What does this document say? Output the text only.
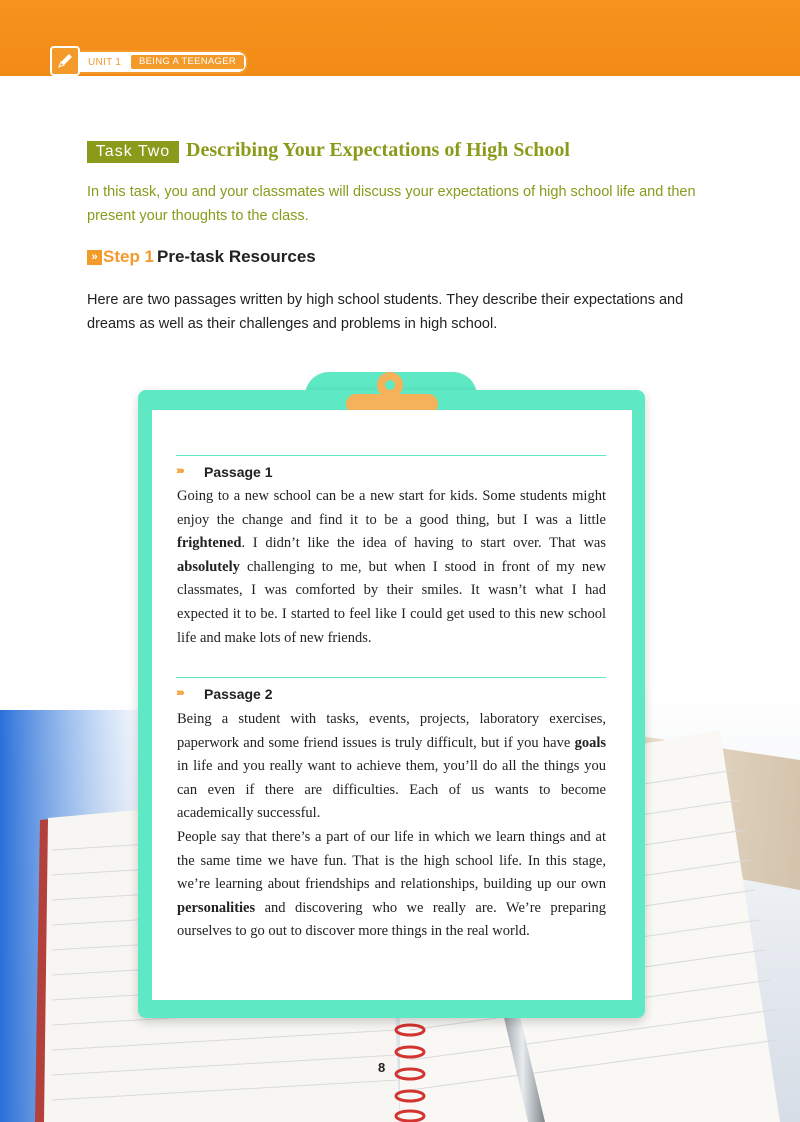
UNIT 1	BEING A TEENAGER
Task Two Describing Your Expectations of High School
In this task, you and your classmates will discuss your expectations of high school life and then present your thoughts to the class.
» Step 1 Pre-task Resources
Here are two passages written by high school students. They describe their expectations and dreams as well as their challenges and problems in high school.
›››› Passage 1
Going to a new school can be a new start for kids. Some students might enjoy the change and find it to be a good thing, but I was a little frightened. I didn’t like the idea of having to start over. That was absolutely challenging to me, but when I stood in front of my new classmates, I was comforted by their smiles. It wasn’t what I had expected it to be. I started to feel like I could get used to this new school life and make lots of new friends.
›››› Passage 2
Being a student with tasks, events, projects, laboratory exercises, paperwork and some friend issues is truly difficult, but if you have goals in life and you really want to achieve them, you’ll do all the things you can even if there are difficulties. Each of us wants to become academically successful.
People say that there’s a part of our life in which we learn things and at the same time we have fun. That is the high school life. In this stage, we’re learning about friendships and relationships, building up our own personalities and discovering who we really are. We’re preparing ourselves to go out to discover more things in the real world.
8
